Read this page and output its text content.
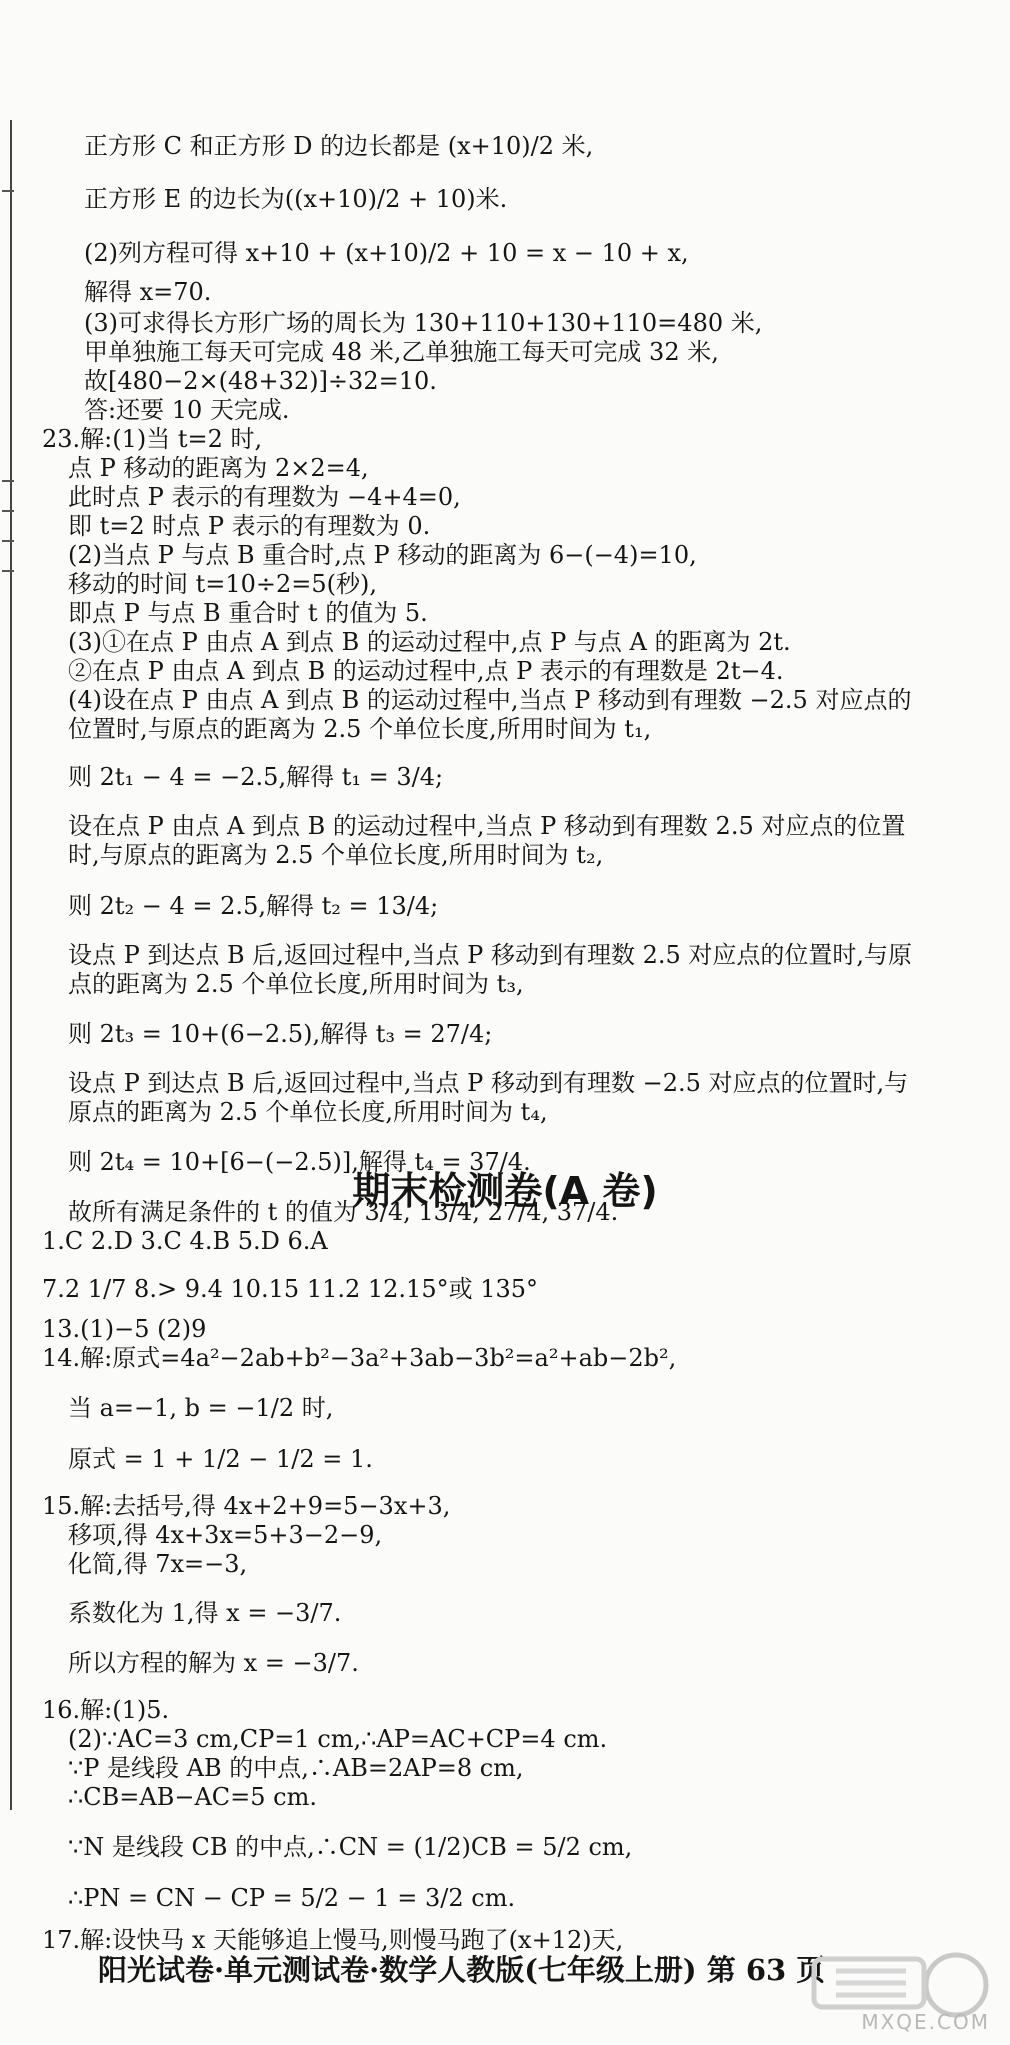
正方形 C 和正方形 D 的边长都是 (x+10)/2 米,
正方形 E 的边长为((x+10)/2 + 10)米.
(2)列方程可得 x+10 + (x+10)/2 + 10 = x − 10 + x,
解得 x=70.
(3)可求得长方形广场的周长为 130+110+130+110=480 米,
甲单独施工每天可完成 48 米,乙单独施工每天可完成 32 米,
故[480−2×(48+32)]÷32=10.
答:还要 10 天完成.
23.解:(1)当 t=2 时,
点 P 移动的距离为 2×2=4,
此时点 P 表示的有理数为 −4+4=0,
即 t=2 时点 P 表示的有理数为 0.
(2)当点 P 与点 B 重合时,点 P 移动的距离为 6−(−4)=10,
移动的时间 t=10÷2=5(秒),
即点 P 与点 B 重合时 t 的值为 5.
(3)①在点 P 由点 A 到点 B 的运动过程中,点 P 与点 A 的距离为 2t.
②在点 P 由点 A 到点 B 的运动过程中,点 P 表示的有理数是 2t−4.
(4)设在点 P 由点 A 到点 B 的运动过程中,当点 P 移动到有理数 −2.5 对应点的
位置时,与原点的距离为 2.5 个单位长度,所用时间为 t₁,
则 2t₁ − 4 = −2.5,解得 t₁ = 3/4;
设在点 P 由点 A 到点 B 的运动过程中,当点 P 移动到有理数 2.5 对应点的位置
时,与原点的距离为 2.5 个单位长度,所用时间为 t₂,
则 2t₂ − 4 = 2.5,解得 t₂ = 13/4;
设点 P 到达点 B 后,返回过程中,当点 P 移动到有理数 2.5 对应点的位置时,与原
点的距离为 2.5 个单位长度,所用时间为 t₃,
则 2t₃ = 10+(6−2.5),解得 t₃ = 27/4;
设点 P 到达点 B 后,返回过程中,当点 P 移动到有理数 −2.5 对应点的位置时,与
原点的距离为 2.5 个单位长度,所用时间为 t₄,
则 2t₄ = 10+[6−(−2.5)],解得 t₄ = 37/4.
故所有满足条件的 t 的值为 3/4, 13/4, 27/4, 37/4.
1.C 2.D 3.C 4.B 5.D 6.A
7.2 1/7 8.> 9.4 10.15 11.2 12.15°或 135°
13.(1)−5 (2)9
14.解:原式=4a²−2ab+b²−3a²+3ab−3b²=a²+ab−2b²,
当 a=−1, b = −1/2 时,
原式 = 1 + 1/2 − 1/2 = 1.
15.解:去括号,得 4x+2+9=5−3x+3,
移项,得 4x+3x=5+3−2−9,
化简,得 7x=−3,
系数化为 1,得 x = −3/7.
所以方程的解为 x = −3/7.
16.解:(1)5.
(2)∵AC=3 cm,CP=1 cm,∴AP=AC+CP=4 cm.
∵P 是线段 AB 的中点,∴AB=2AP=8 cm,
∴CB=AB−AC=5 cm.
∵N 是线段 CB 的中点,∴CN = (1/2)CB = 5/2 cm,
∴PN = CN − CP = 5/2 − 1 = 3/2 cm.
17.解:设快马 x 天能够追上慢马,则慢马跑了(x+12)天,
期末检测卷(A 卷)
阳光试卷·单元测试卷·数学人教版(七年级上册) 第 63 页
MXQE.COM
